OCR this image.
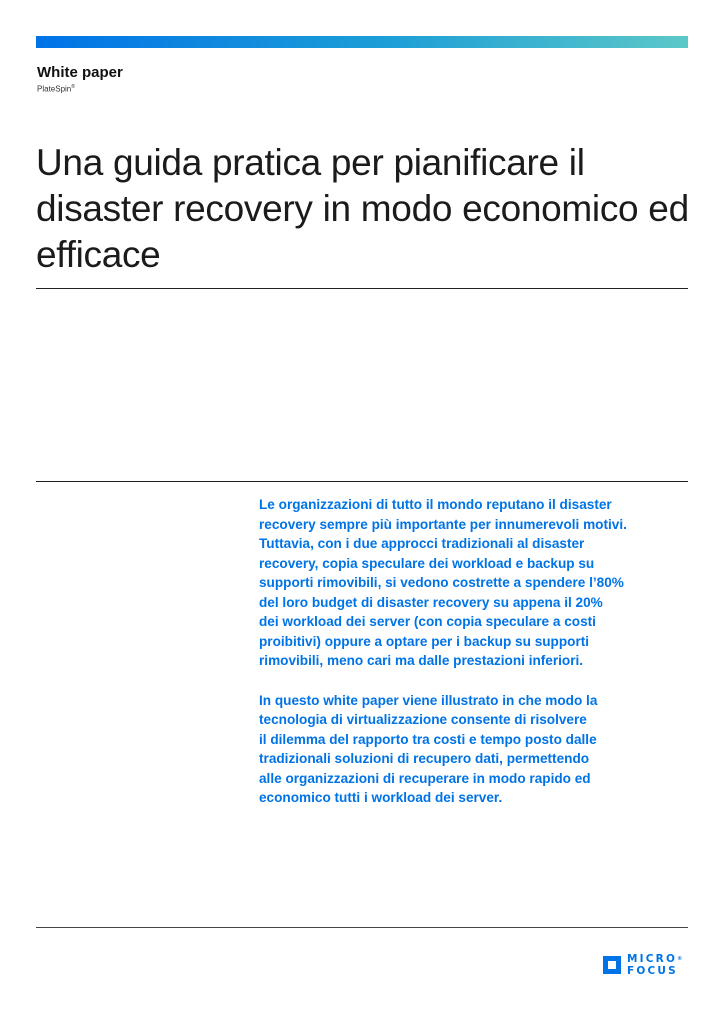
White paper
PlateSpin®
Una guida pratica per pianificare il disaster recovery in modo economico ed efficace

Le organizzazioni di tutto il mondo reputano il disaster
recovery sempre più importante per innumerevoli motivi.
Tuttavia, con i due approcci tradizionali al disaster
recovery, copia speculare dei workload e backup su
supporti rimovibili, si vedono costrette a spendere l’80%
del loro budget di disaster recovery su appena il 20%
dei workload dei server (con copia speculare a costi
proibitivi) oppure a optare per i backup su supporti
rimovibili, meno cari ma dalle prestazioni inferiori.

In questo white paper viene illustrato in che modo la
tecnologia di virtualizzazione consente di risolvere
il dilemma del rapporto tra costi e tempo posto dalle
tradizionali soluzioni di recupero dati, permettendo
alle organizzazioni di recuperare in modo rapido ed
economico tutti i workload dei server.

MICRO®
FOCUS
